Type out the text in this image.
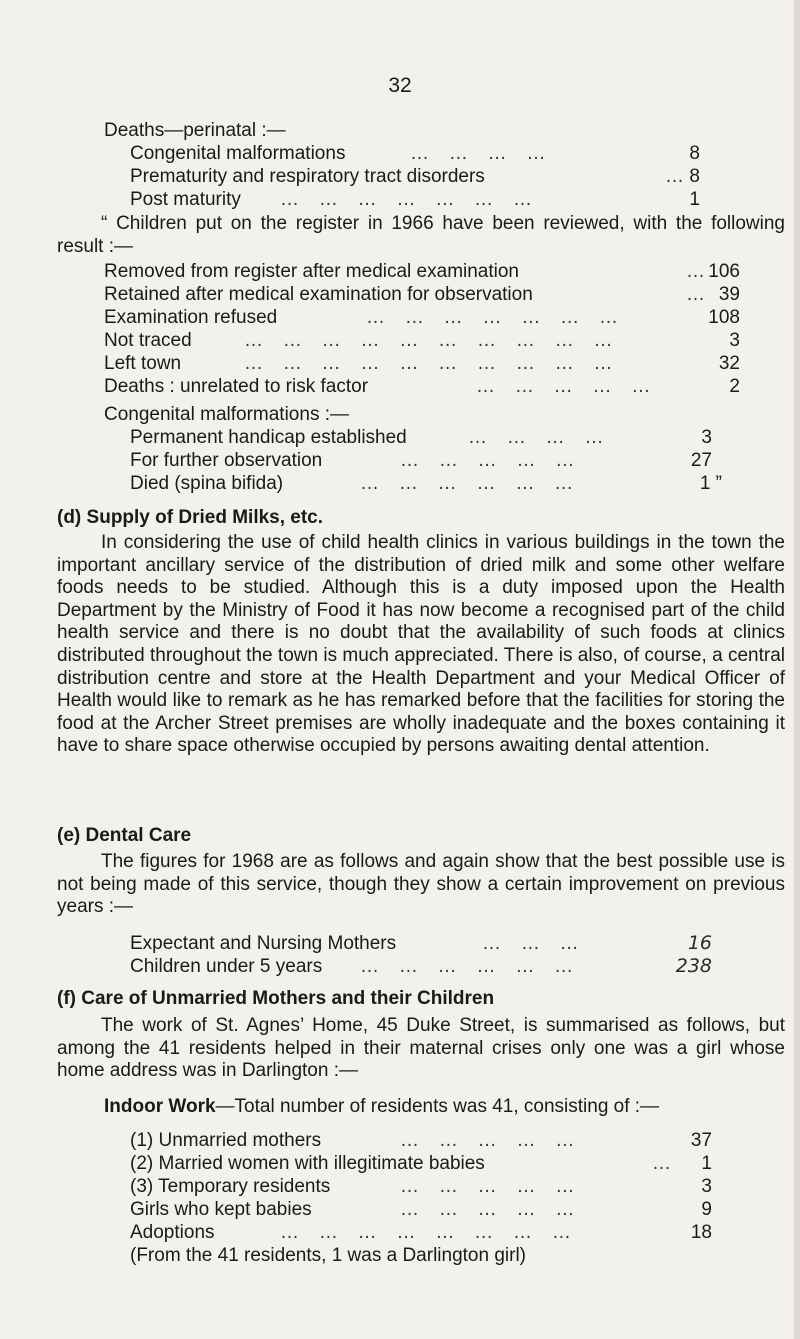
32
Deaths—perinatal :—
Congenital malformations	…   …   …   …	8
Prematurity and respiratory tract disorders	… 8
Post maturity …   …   …   …   …   …   …	1
“ Children put on the register in 1966 have been reviewed, with the following result :—
Removed from register after medical examination	… 106
Retained after medical examination for observation	… 39
Examination refused	…   …   …   …   …   …   …	108
Not traced	…   …   …   …   …   …   …   …   …   …	3
Left town	…   …   …   …   …   …   …   …   …   …	32
Deaths : unrelated to risk factor	…   …   …   …   …	2
Congenital malformations :—
Permanent handicap established	…   …   …   …	3
For further observation	…   …   …   …   …	27
Died (spina bifida)	…   …   …   …   …   …	1 ”
(d) Supply of Dried Milks, etc.
In considering the use of child health clinics in various buildings in the town the important ancillary service of the distribution of dried milk and some other welfare foods needs to be studied. Although this is a duty imposed upon the Health Department by the Ministry of Food it has now become a recognised part of the child health service and there is no doubt that the availability of such foods at clinics distributed throughout the town is much appreciated. There is also, of course, a central distribution centre and store at the Health Department and your Medical Officer of Health would like to remark as he has remarked before that the facilities for storing the food at the Archer Street premises are wholly inadequate and the boxes containing it have to share space otherwise occupied by persons awaiting dental attention.
(e) Dental Care
The figures for 1968 are as follows and again show that the best possible use is not being made of this service, though they show a certain improvement on previous years :—
Expectant and Nursing Mothers	…   …   …	16
Children under 5 years …   …   …   …   …   …	238
(f) Care of Unmarried Mothers and their Children
The work of St. Agnes’ Home, 45 Duke Street, is summarised as follows, but among the 41 residents helped in their maternal crises only one was a girl whose home address was in Darlington :—
Indoor Work—Total number of residents was 41, consisting of :—
(1) Unmarried mothers	…   …   …   …   …	37
(2) Married women with illegitimate babies	… 1
(3) Temporary residents	…   …   …   …   …	3
Girls who kept babies	…   …   …   …   …	9
Adoptions	…   …   …   …   …   …   …   …	18
(From the 41 residents, 1 was a Darlington girl)
